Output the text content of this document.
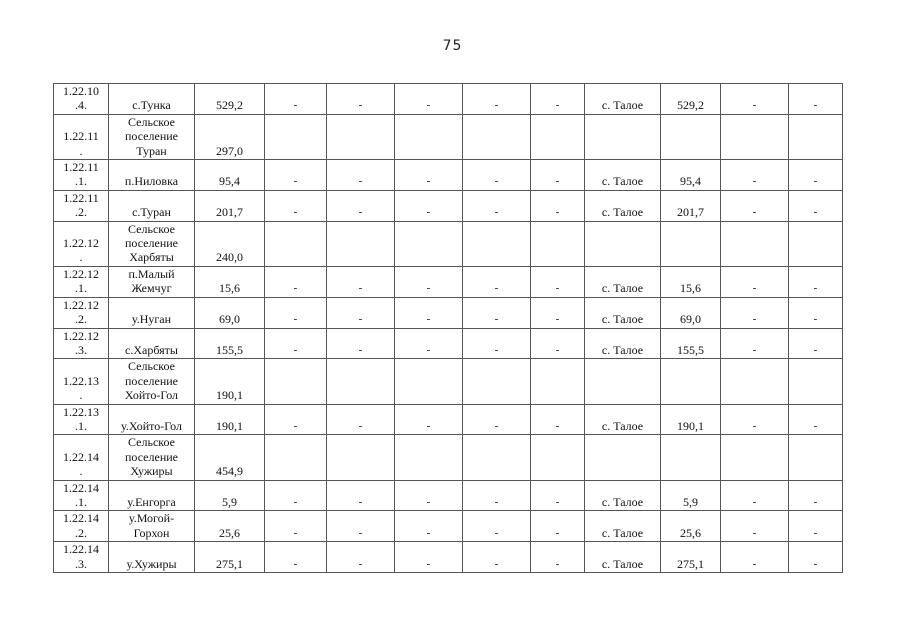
75
1.22.10
.4.	с.Тунка	529,2	-	-	-	-	-	с. Талое	529,2	-	-
1.22.11
.	Сельское
поселение
Туран	297,0									
1.22.11
.1.	п.Ниловка	95,4	-	-	-	-	-	с. Талое	95,4	-	-
1.22.11
.2.	с.Туран	201,7	-	-	-	-	-	с. Талое	201,7	-	-
1.22.12
.	Сельское
поселение
Харбяты	240,0									
1.22.12
.1.	п.Малый
Жемчуг	15,6	-	-	-	-	-	с. Талое	15,6	-	-
1.22.12
.2.	у.Нуган	69,0	-	-	-	-	-	с. Талое	69,0	-	-
1.22.12
.3.	с.Харбяты	155,5	-	-	-	-	-	с. Талое	155,5	-	-
1.22.13
.	Сельское
поселение
Хойто-Гол	190,1									
1.22.13
.1.	у.Хойто-Гол	190,1	-	-	-	-	-	с. Талое	190,1	-	-
1.22.14
.	Сельское
поселение
Хужиры	454,9									
1.22.14
.1.	у.Енгорга	5,9	-	-	-	-	-	с. Талое	5,9	-	-
1.22.14
.2.	у.Могой-
Горхон	25,6	-	-	-	-	-	с. Талое	25,6	-	-
1.22.14
.3.	у.Хужиры	275,1	-	-	-	-	-	с. Талое	275,1	-	-
